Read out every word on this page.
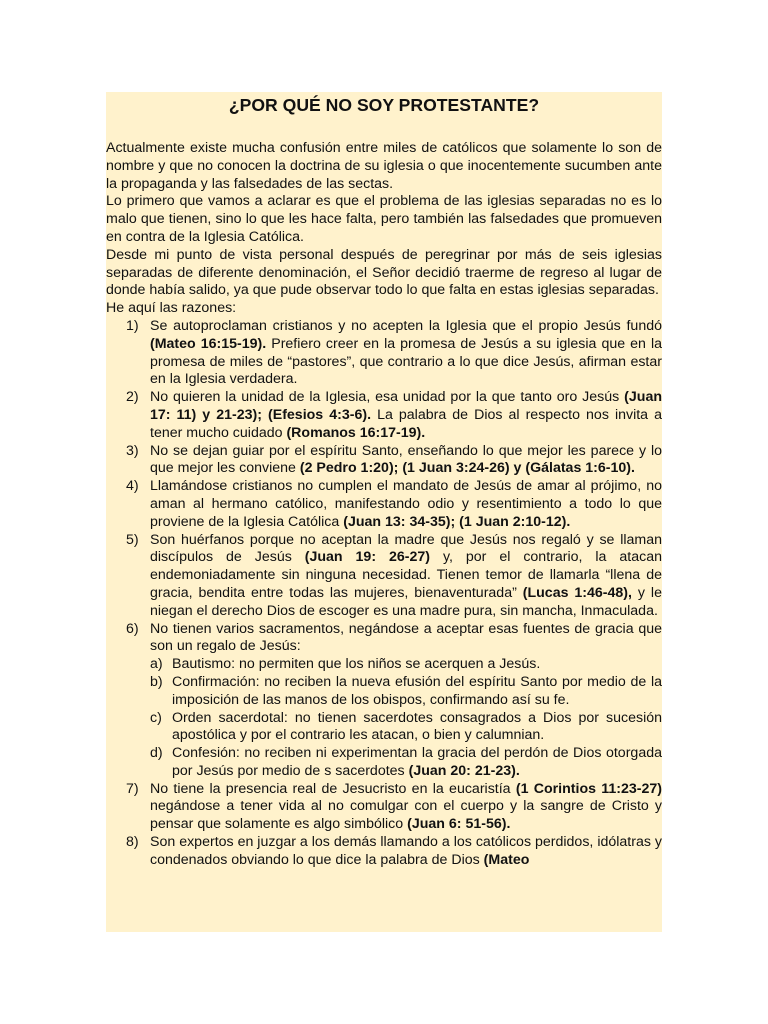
¿POR QUÉ NO SOY PROTESTANTE?

Actualmente existe mucha confusión entre miles de católicos que solamente lo son de nombre y que no conocen la doctrina de su iglesia o que inocentemente sucumben ante la propaganda y las falsedades de las sectas.

Lo primero que vamos a aclarar es que el problema de las iglesias separadas no es lo malo que tienen, sino lo que les hace falta, pero también las falsedades que promueven en contra de la Iglesia Católica.

Desde mi punto de vista personal después de peregrinar por más de seis iglesias separadas de diferente denominación, el Señor decidió traerme de regreso al lugar de donde había salido, ya que pude observar todo lo que falta en estas iglesias separadas.

He aquí las razones:

1) Se autoproclaman cristianos y no acepten la Iglesia que el propio Jesús fundó (Mateo 16:15-19). Prefiero creer en la promesa de Jesús a su iglesia que en la promesa de miles de “pastores”, que contrario a lo que dice Jesús, afirman estar en la Iglesia verdadera.
2) No quieren la unidad de la Iglesia, esa unidad por la que tanto oro Jesús (Juan 17: 11) y 21-23); (Efesios 4:3-6). La palabra de Dios al respecto nos invita a tener mucho cuidado (Romanos 16:17-19).
3) No se dejan guiar por el espíritu Santo, enseñando lo que mejor les parece y lo que mejor les conviene (2 Pedro 1:20); (1 Juan 3:24-26) y (Gálatas 1:6-10).
4) Llamándose cristianos no cumplen el mandato de Jesús de amar al prójimo, no aman al hermano católico, manifestando odio y resentimiento a todo lo que proviene de la Iglesia Católica (Juan 13: 34-35); (1 Juan 2:10-12).
5) Son huérfanos porque no aceptan la madre que Jesús nos regaló y se llaman discípulos de Jesús (Juan 19: 26-27) y, por el contrario, la atacan endemoniadamente sin ninguna necesidad. Tienen temor de llamarla “llena de gracia, bendita entre todas las mujeres, bienaventurada” (Lucas 1:46-48), y le niegan el derecho Dios de escoger es una madre pura, sin mancha, Inmaculada.
6) No tienen varios sacramentos, negándose a aceptar esas fuentes de gracia que son un regalo de Jesús:
a) Bautismo: no permiten que los niños se acerquen a Jesús.
b) Confirmación: no reciben la nueva efusión del espíritu Santo por medio de la imposición de las manos de los obispos, confirmando así su fe.
c) Orden sacerdotal: no tienen sacerdotes consagrados a Dios por sucesión apostólica y por el contrario les atacan, o bien y calumnian.
d) Confesión: no reciben ni experimentan la gracia del perdón de Dios otorgada por Jesús por medio de s sacerdotes (Juan 20: 21-23).
7) No tiene la presencia real de Jesucristo en la eucaristía (1 Corintios 11:23-27) negándose a tener vida al no comulgar con el cuerpo y la sangre de Cristo y pensar que solamente es algo simbólico (Juan 6: 51-56).
8) Son expertos en juzgar a los demás llamando a los católicos perdidos, idólatras y condenados obviando lo que dice la palabra de Dios (Mateo
